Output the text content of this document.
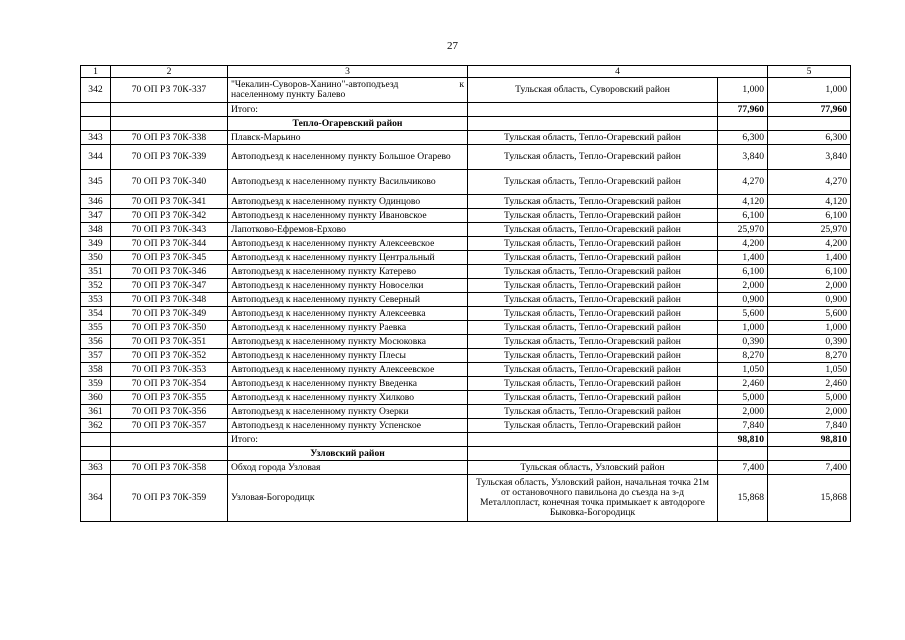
27
1	2	3	4		5
342	70 ОП РЗ 70К-337	"Чекалин-Суворов-Ханино"-автоподъезд к
населенному пункту Балево	Тульская область, Суворовский район	1,000	1,000
		Итого:		77,960	77,960
		Тепло-Огаревский район			
343	70 ОП РЗ 70К-338	Плавск-Марьино	Тульская область, Тепло-Огаревский район	6,300	6,300
344	70 ОП РЗ 70К-339	Автоподъезд к населенному пункту Большое Огарево	Тульская область, Тепло-Огаревский район	3,840	3,840
345	70 ОП РЗ 70К-340	Автоподъезд к населенному пункту Васильчиково	Тульская область, Тепло-Огаревский район	4,270	4,270
346	70 ОП РЗ 70К-341	Автоподъезд к населенному пункту Одинцово	Тульская область, Тепло-Огаревский район	4,120	4,120
347	70 ОП РЗ 70К-342	Автоподъезд к населенному пункту Ивановское	Тульская область, Тепло-Огаревский район	6,100	6,100
348	70 ОП РЗ 70К-343	Лапотково-Ефремов-Ерхово	Тульская область, Тепло-Огаревский район	25,970	25,970
349	70 ОП РЗ 70К-344	Автоподъезд к населенному пункту Алексеевское	Тульская область, Тепло-Огаревский район	4,200	4,200
350	70 ОП РЗ 70К-345	Автоподъезд к населенному пункту Центральный	Тульская область, Тепло-Огаревский район	1,400	1,400
351	70 ОП РЗ 70К-346	Автоподъезд к населенному пункту Катерево	Тульская область, Тепло-Огаревский район	6,100	6,100
352	70 ОП РЗ 70К-347	Автоподъезд к населенному пункту Новоселки	Тульская область, Тепло-Огаревский район	2,000	2,000
353	70 ОП РЗ 70К-348	Автоподъезд к населенному пункту Северный	Тульская область, Тепло-Огаревский район	0,900	0,900
354	70 ОП РЗ 70К-349	Автоподъезд к населенному пункту Алексеевка	Тульская область, Тепло-Огаревский район	5,600	5,600
355	70 ОП РЗ 70К-350	Автоподъезд к населенному пункту Раевка	Тульская область, Тепло-Огаревский район	1,000	1,000
356	70 ОП РЗ 70К-351	Автоподъезд к населенному пункту Мосюковка	Тульская область, Тепло-Огаревский район	0,390	0,390
357	70 ОП РЗ 70К-352	Автоподъезд к населенному пункту Плесы	Тульская область, Тепло-Огаревский район	8,270	8,270
358	70 ОП РЗ 70К-353	Автоподъезд к населенному пункту Алексеевское	Тульская область, Тепло-Огаревский район	1,050	1,050
359	70 ОП РЗ 70К-354	Автоподъезд к населенному пункту Введенка	Тульская область, Тепло-Огаревский район	2,460	2,460
360	70 ОП РЗ 70К-355	Автоподъезд к населенному пункту Хилково	Тульская область, Тепло-Огаревский район	5,000	5,000
361	70 ОП РЗ 70К-356	Автоподъезд к населенному пункту Озерки	Тульская область, Тепло-Огаревский район	2,000	2,000
362	70 ОП РЗ 70К-357	Автоподъезд к населенному пункту Успенское	Тульская область, Тепло-Огаревский район	7,840	7,840
		Итого:		98,810	98,810
		Узловский район			
363	70 ОП РЗ 70К-358	Обход города Узловая	Тульская область, Узловский район	7,400	7,400
364	70 ОП РЗ 70К-359	Узловая-Богородицк	Тульская область, Узловский район, начальная точка 21м от остановочного павильона до съезда на з-д Металлопласт, конечная точка примыкает к автодороге Быковка-Богородицк	15,868	15,868
